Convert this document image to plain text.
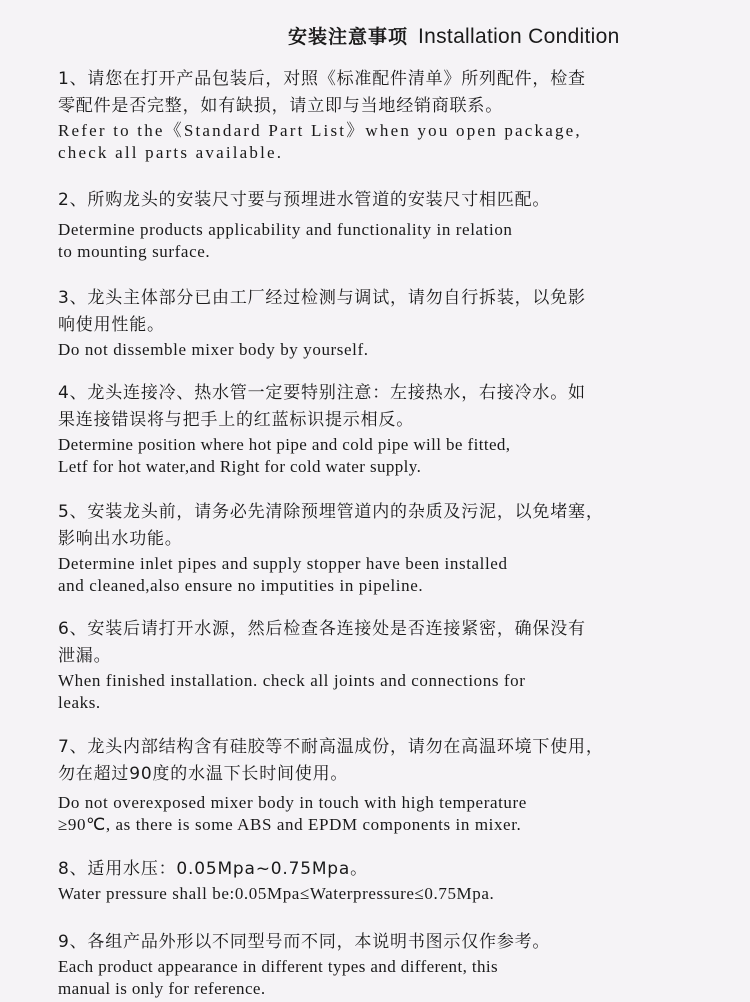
安装注意事项 Installation Condition
1、请您在打开产品包装后，对照《标准配件清单》所列配件，检查
零配件是否完整，如有缺损，请立即与当地经销商联系。
Refer to the《Standard Part List》when you open package,
check all parts available.
2、所购龙头的安装尺寸要与预埋进水管道的安装尺寸相匹配。
Determine products applicability and functionality in relation
to mounting surface.
3、龙头主体部分已由工厂经过检测与调试，请勿自行拆装，以免影
响使用性能。
Do not dissemble mixer body by yourself.
4、龙头连接冷、热水管一定要特别注意：左接热水，右接冷水。如
果连接错误将与把手上的红蓝标识提示相反。
Determine position where hot pipe and cold pipe will be fitted,
Letf for hot water,and Right for cold water supply.
5、安装龙头前，请务必先清除预埋管道内的杂质及污泥，以免堵塞，
影响出水功能。
Determine inlet pipes and supply stopper have been installed
and cleaned,also ensure no imputities in pipeline.
6、安装后请打开水源，然后检查各连接处是否连接紧密，确保没有
泄漏。
When finished installation. check all joints and connections for
leaks.
7、龙头内部结构含有硅胶等不耐高温成份，请勿在高温环境下使用，
勿在超过90度的水温下长时间使用。
Do not overexposed mixer body in touch with high temperature
≥90℃, as there is some ABS and EPDM components in mixer.
8、适用水压：0.05Mpa~0.75Mpa。
Water pressure shall be:0.05Mpa≤Waterpressure≤0.75Mpa.
9、各组产品外形以不同型号而不同，本说明书图示仅作参考。
Each product appearance in different types and different, this
manual is only for reference.
